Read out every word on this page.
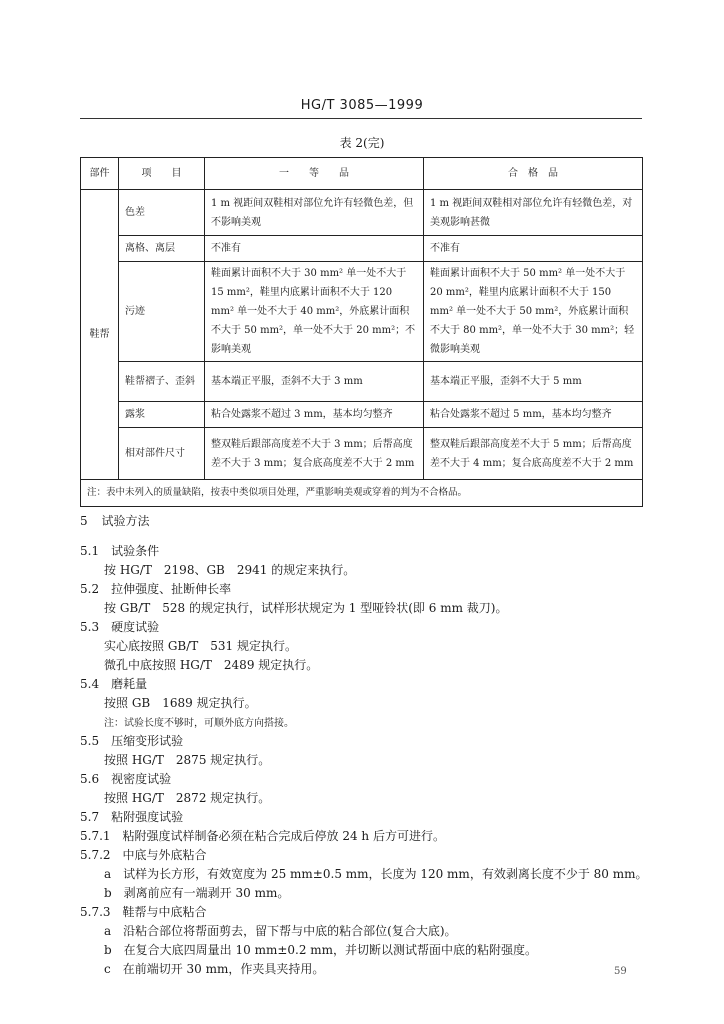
HG/T 3085—1999
表 2(完)
部件	项　　目	一　　等　　品	合　格　品
鞋帮	色差	1 m 视距间双鞋相对部位允许有轻微色差，但不影响美观	1 m 视距间双鞋相对部位允许有轻微色差，对美观影响甚微
	离格、离层	不准有	不准有
	污迹	鞋面累计面积不大于 30 mm² 单一处不大于 15 mm²，鞋里内底累计面积不大于 120 mm² 单一处不大于 40 mm²，外底累计面积不大于 50 mm²，单一处不大于 20 mm²；不影响美观	鞋面累计面积不大于 50 mm² 单一处不大于 20 mm²，鞋里内底累计面积不大于 150 mm² 单一处不大于 50 mm²，外底累计面积不大于 80 mm²，单一处不大于 30 mm²；轻微影响美观
	鞋帮褶子、歪斜	基本端正平服，歪斜不大于 3 mm	基本端正平服，歪斜不大于 5 mm
	露浆	粘合处露浆不超过 3 mm，基本均匀整齐	粘合处露浆不超过 5 mm，基本均匀整齐
	相对部件尺寸	整双鞋后跟部高度差不大于 3 mm；后帮高度差不大于 3 mm；复合底高度差不大于 2 mm	整双鞋后跟部高度差不大于 5 mm；后帮高度差不大于 4 mm；复合底高度差不大于 2 mm
注：表中未列入的质量缺陷，按表中类似项目处理，严重影响美观或穿着的判为不合格品。			
5 试验方法
5.1 试验条件
按 HG/T　2198、GB　2941 的规定来执行。
5.2 拉伸强度、扯断伸长率
按 GB/T　528 的规定执行，试样形状规定为 1 型哑铃状(即 6 mm 裁刀)。
5.3 硬度试验
实心底按照 GB/T　531 规定执行。
微孔中底按照 HG/T　2489 规定执行。
5.4 磨耗量
按照 GB　1689 规定执行。
注：试验长度不够时，可顺外底方向搭接。
5.5 压缩变形试验
按照 HG/T　2875 规定执行。
5.6 视密度试验
按照 HG/T　2872 规定执行。
5.7 粘附强度试验
5.7.1　粘附强度试样制备必须在粘合完成后停放 24 h 后方可进行。
5.7.2　中底与外底粘合
a　试样为长方形，有效宽度为 25 mm±0.5 mm，长度为 120 mm，有效剥离长度不少于 80 mm。
b　剥离前应有一端剥开 30 mm。
5.7.3　鞋帮与中底粘合
a　沿粘合部位将帮面剪去，留下帮与中底的粘合部位(复合大底)。
b　在复合大底四周量出 10 mm±0.2 mm，并切断以测试帮面中底的粘附强度。
c　在前端切开 30 mm，作夹具夹持用。	59
